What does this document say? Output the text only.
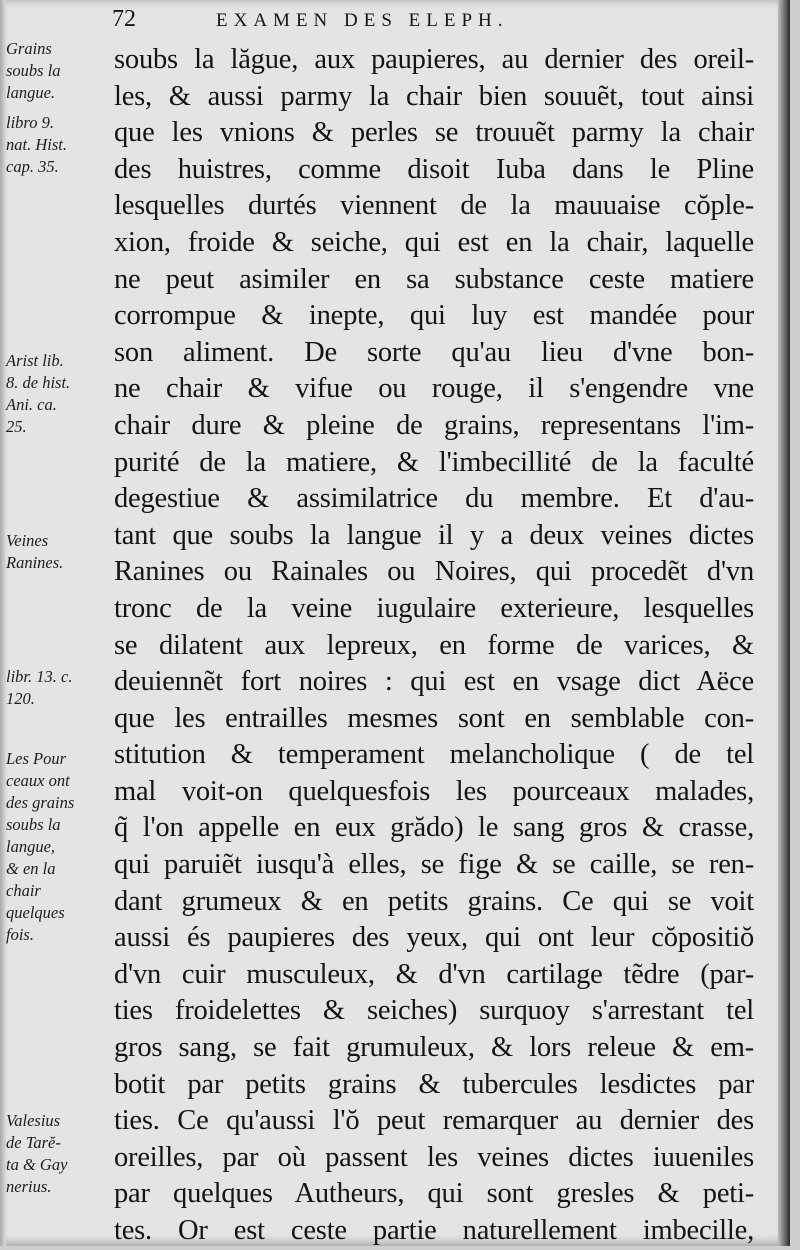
72	EXAMEN DES ELEPH.
soubs la lăgue, aux paupieres, au dernier des oreil-
les, & aussi parmy la chair bien souuẽt, tout ainsi
que les vnions & perles se trouuẽt parmy la chair
des huistres, comme disoit Iuba dans le Pline
lesquelles durtés viennent de la mauuaise cŏple-
xion, froide & seiche, qui est en la chair, laquelle
ne peut asimiler en sa substance ceste matiere
corrompue & inepte, qui luy est mandée pour
son aliment. De sorte qu'au lieu d'vne bon-
ne chair & vifue ou rouge, il s'engendre vne
chair dure & pleine de grains, representans l'im-
purité de la matiere, & l'imbecillité de la faculté
degestiue & assimilatrice du membre. Et d'au-
tant que soubs la langue il y a deux veines dictes
Ranines ou Rainales ou Noires, qui procedẽt d'vn
tronc de la veine iugulaire exterieure, lesquelles
se dilatent aux lepreux, en forme de varices, &
deuiennẽt fort noires : qui est en vsage dict Aëce
que les entrailles mesmes sont en semblable con-
stitution & temperament melancholique ( de tel
mal voit-on quelquesfois les pourceaux malades,
q̃ l'on appelle en eux grădo) le sang gros & crasse,
qui paruiẽt iusqu'à elles, se fige & se caille, se ren-
dant grumeux & en petits grains. Ce qui se voit
aussi és paupieres des yeux, qui ont leur cŏpositiŏ
d'vn cuir musculeux, & d'vn cartilage tẽdre (par-
ties froidelettes & seiches) surquoy s'arrestant tel
gros sang, se fait grumuleux, & lors releue & em-
botit par petits grains & tubercules lesdictes par
ties. Ce qu'aussi l'ŏ peut remarquer au dernier des
oreilles, par où passent les veines dictes iuueniles
par quelques Autheurs, qui sont gresles & peti-
tes. Or est ceste partie naturellement imbecille,
Grains
soubs la
langue.
libro 9.
nat. Hist.
cap. 35.
Arist lib.
8. de hist.
Ani. ca.
25.
Veines
Ranines.
libr. 13. c.
120.
Les Pour
ceaux ont
des grains
soubs la
langue,
& en la
chair
quelques
fois.
Valesius
de Tarĕ-
ta & Gay
nerius.
